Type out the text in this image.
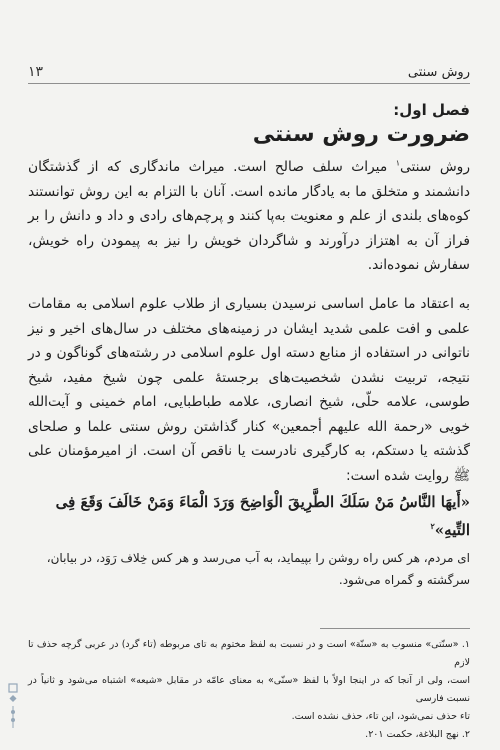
روش سنتی
۱۳
فصل اول:
ضرورت روش سنتی

روش سنتی$^۱$ میراث سلف صالح است. میراث ماندگاری که از گذشتگان دانشمند و متخلق ما به یادگار مانده است. آنان با التزام به این روش توانستند کوه‌های بلندی از علم و معنویت به‌پا کنند و پرچم‌های رادی و داد و دانش را بر فراز آن به اهتزاز درآورند و شاگردان خویش را نیز به پیمودن راه خویش، سفارش نموده‌اند.

به اعتقاد ما عامل اساسی نرسیدن بسیاری از طلاب علوم اسلامی به مقامات علمی و افت علمی شدید ایشان در زمینه‌های مختلف در سال‌های اخیر و نیز ناتوانی در استفاده از منابع دسته اول علوم اسلامی در رشته‌های گوناگون و در نتیجه، تربیت نشدن شخصیت‌های برجستهٔ علمی چون شیخ مفید، شیخ طوسی، علامه حلّی، شیخ انصاری، علامه طباطبایی، امام خمینی و آیت‌الله خویی «رحمة الله علیهم أجمعین» کنار گذاشتن روش سنتی علما و صلحای گذشته یا دستکم، به کارگیری نادرست یا ناقص آن است. از امیرمؤمنان علی ﷺ روایت شده است:

«أَیهَا النَّاسُ مَنْ سَلَكَ الطَّرِیقَ الْوَاضِحَ وَرَدَ الْمَاءَ وَمَنْ خَالَفَ وَقَعَ فِی التِّیهِ»$^۲$

ای مردم، هر کس راه روشن را بپیماید، به آب می‌رسد و هر کس خِلاف رَوَد، در بیابان، سرگشته و گمراه می‌شود.

۱. «سنّتی» منسوب به «سنّة» است و در نسبت به لفظ مختوم به تای مربوطه (تاء گرد) در عربی گرچه حذف تا لازم
است، ولی از آنجا که در اینجا اولاً با لفظ «سنّی» به معنای عامّه در مقابل «شیعه» اشتباه می‌شود و ثانیاً در نسبت فارسی
تاء حذف نمی‌شود، این تاء، حذف نشده است.
۲. نهج البلاغة، حکمت ۲۰۱.
